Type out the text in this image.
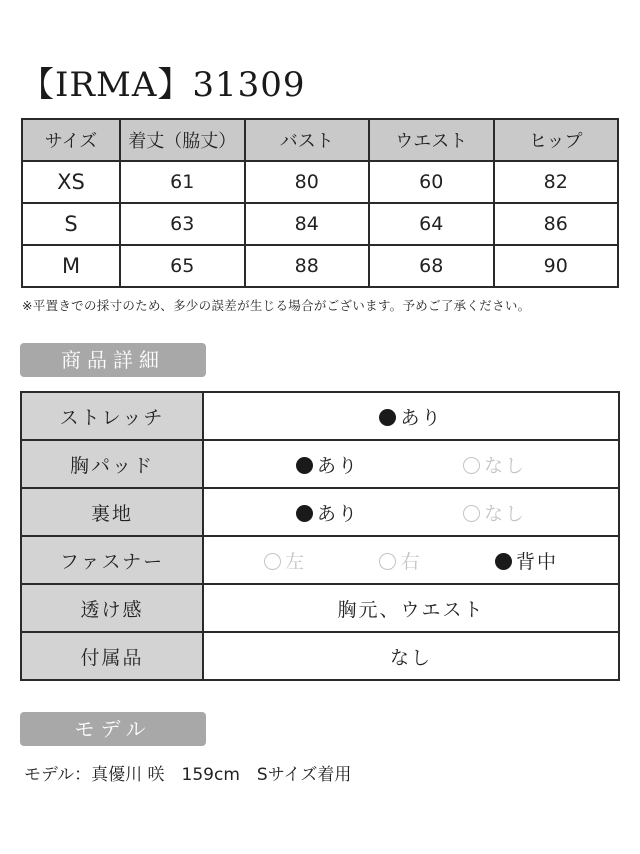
【IRMA】31309
サイズ	着丈（脇丈）	バスト	ウエスト	ヒップ
XS	61	80	60	82
S	63	84	64	86
M	65	88	68	90
※平置きでの採寸のため、多少の誤差が生じる場合がございます。予めご了承ください。
商品詳細
ストレッチ	あり

胸パッド	あり なし

裏地	あり なし

ファスナー	左 右 背中

透け感	胸元、ウエスト
付属品	なし
モデル
モデル：真優川 咲　159cm　Sサイズ着用
